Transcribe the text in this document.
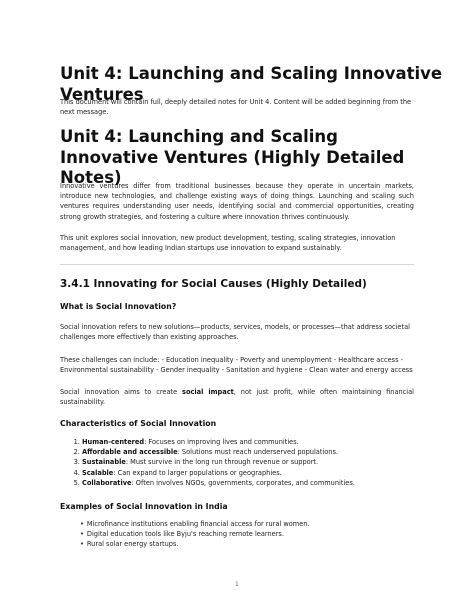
Unit 4: Launching and Scaling Innovative Ventures

This document will contain full, deeply detailed notes for Unit 4. Content will be added beginning from the next message.

Unit 4: Launching and Scaling Innovative Ventures (Highly Detailed Notes)

Innovative ventures differ from traditional businesses because they operate in uncertain markets, introduce new technologies, and challenge existing ways of doing things. Launching and scaling such ventures requires understanding user needs, identifying social and commercial opportunities, creating strong growth strategies, and fostering a culture where innovation thrives continuously.

This unit explores social innovation, new product development, testing, scaling strategies, innovation management, and how leading Indian startups use innovation to expand sustainably.

3.4.1 Innovating for Social Causes (Highly Detailed)
What is Social Innovation?

Social innovation refers to new solutions—products, services, models, or processes—that address societal challenges more effectively than existing approaches.

These challenges can include: - Education inequality - Poverty and unemployment - Healthcare access - Environmental sustainability - Gender inequality - Sanitation and hygiene - Clean water and energy access

Social innovation aims to create social impact, not just profit, while often maintaining financial sustainability.

Characteristics of Social Innovation
1. Human-centered: Focuses on improving lives and communities.
2. Affordable and accessible: Solutions must reach underserved populations.
3. Sustainable: Must survive in the long run through revenue or support.
4. Scalable: Can expand to larger populations or geographies.
5. Collaborative: Often involves NGOs, governments, corporates, and communities.
Examples of Social Innovation in India
• Microfinance institutions enabling financial access for rural women.
• Digital education tools like Byju's reaching remote learners.
• Rural solar energy startups.
1
